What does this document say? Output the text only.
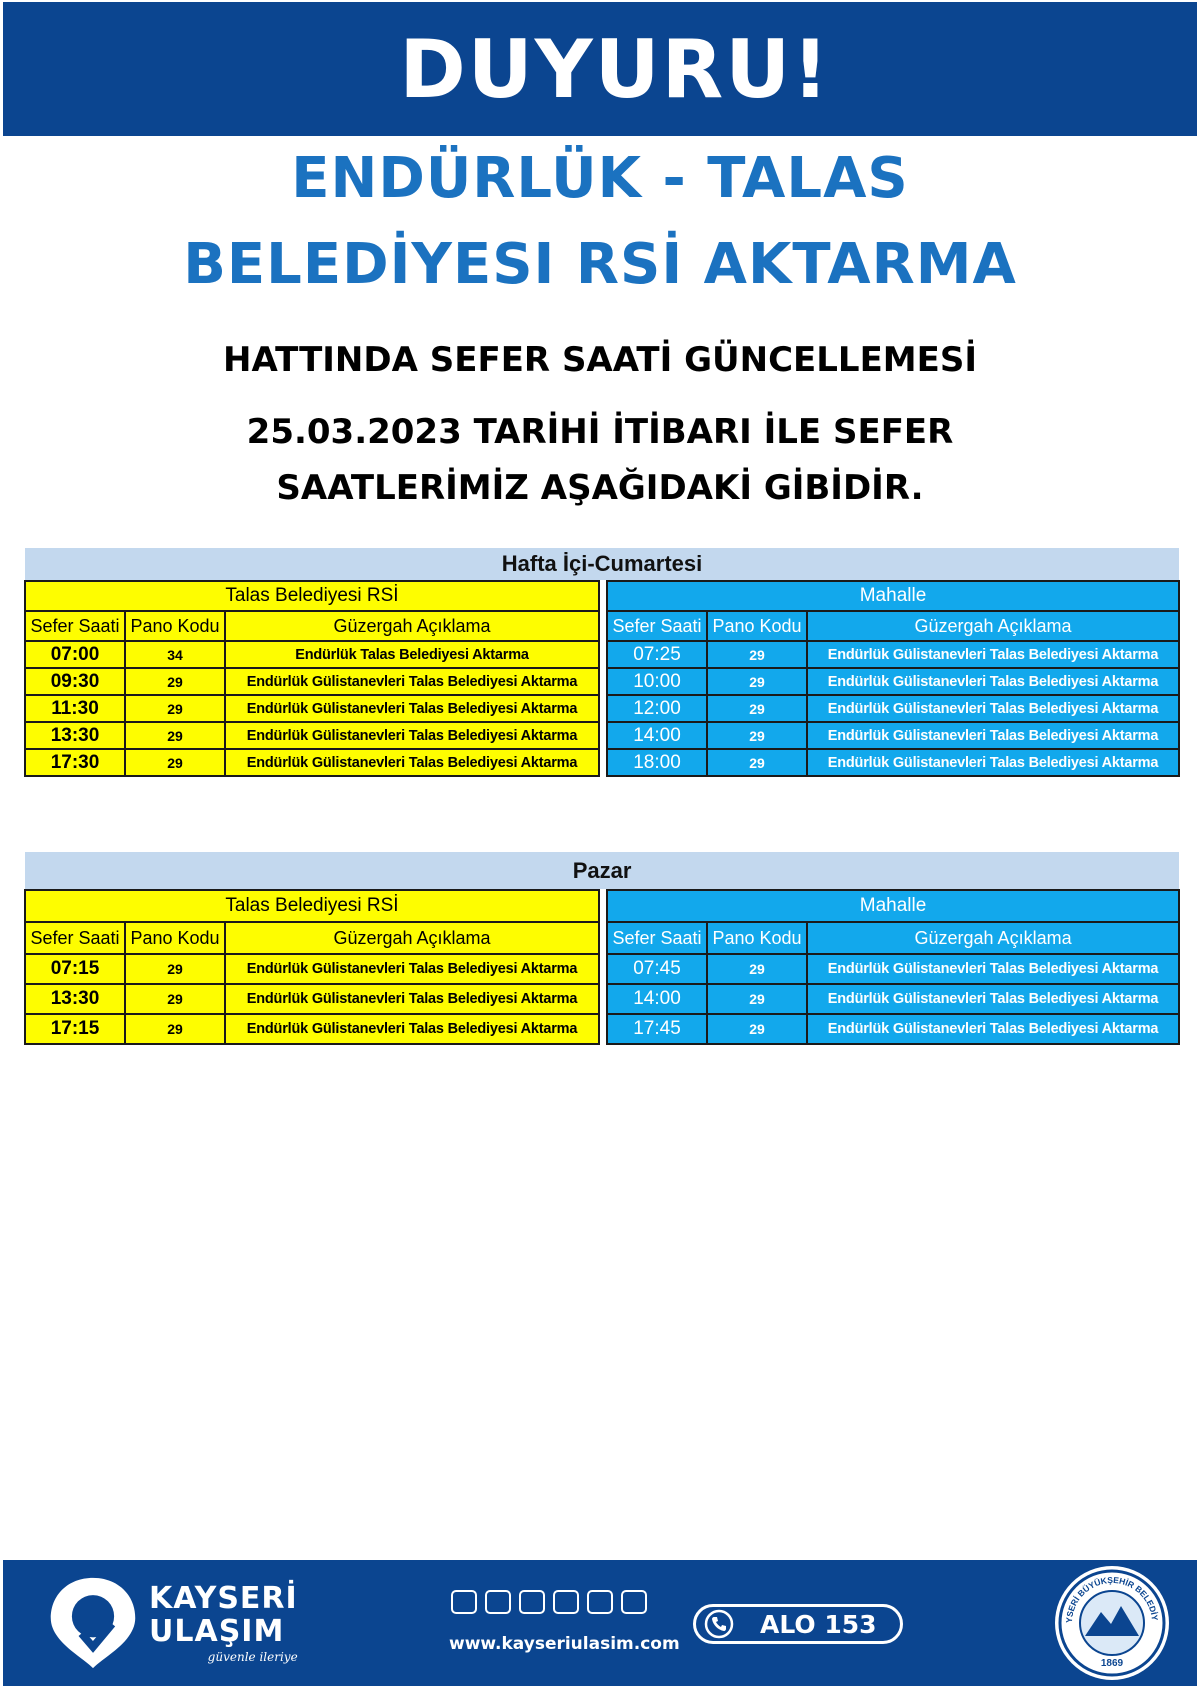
DUYURU!
ENDÜRLÜK - TALAS
BELEDİYESI RSİ AKTARMA
HATTINDA SEFER SAATİ GÜNCELLEMESİ
25.03.2023 TARİHİ İTİBARI İLE SEFER
SAATLERİMİZ AŞAĞIDAKİ GİBİDİR.
Hafta İçi-Cumartesi						
Talas Belediyesi RSİ				Mahalle		
Sefer Saati	Pano Kodu	Güzergah Açıklama		Sefer Saati	Pano Kodu	Güzergah Açıklama
07:00	34	Endürlük Talas Belediyesi Aktarma		07:25	29	Endürlük Gülistanevleri Talas Belediyesi Aktarma
09:30	29	Endürlük Gülistanevleri Talas Belediyesi Aktarma		10:00	29	Endürlük Gülistanevleri Talas Belediyesi Aktarma
11:30	29	Endürlük Gülistanevleri Talas Belediyesi Aktarma		12:00	29	Endürlük Gülistanevleri Talas Belediyesi Aktarma
13:30	29	Endürlük Gülistanevleri Talas Belediyesi Aktarma		14:00	29	Endürlük Gülistanevleri Talas Belediyesi Aktarma
17:30	29	Endürlük Gülistanevleri Talas Belediyesi Aktarma		18:00	29	Endürlük Gülistanevleri Talas Belediyesi Aktarma
Pazar						
Talas Belediyesi RSİ				Mahalle		
Sefer Saati	Pano Kodu	Güzergah Açıklama		Sefer Saati	Pano Kodu	Güzergah Açıklama
07:15	29	Endürlük Gülistanevleri Talas Belediyesi Aktarma		07:45	29	Endürlük Gülistanevleri Talas Belediyesi Aktarma
13:30	29	Endürlük Gülistanevleri Talas Belediyesi Aktarma		14:00	29	Endürlük Gülistanevleri Talas Belediyesi Aktarma
17:15	29	Endürlük Gülistanevleri Talas Belediyesi Aktarma		17:45	29	Endürlük Gülistanevleri Talas Belediyesi Aktarma
KAYSERİ
ULAŞIM
güvenle ileriye
www.kayseriulasim.com
ALO 153	YSERİ BÜYÜKŞEHİR BELEDİY
1869
